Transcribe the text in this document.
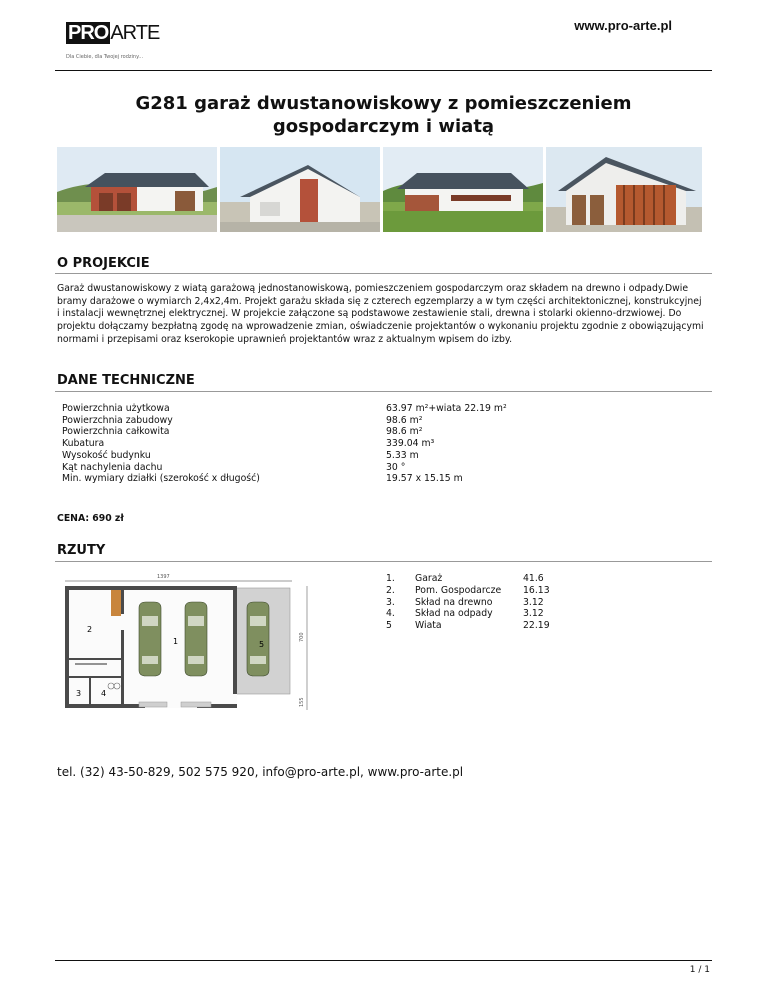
PRO ARTE
Dla Ciebie, dla Twojej rodziny...
www.pro-arte.pl
G281 garaż dwustanowiskowy z pomieszczeniem
gospodarczym i wiatą
O PROJEKCIE
Garaż dwustanowiskowy z wiatą garażową jednostanowiskową, pomieszczeniem gospodarczym oraz składem na drewno i odpady.Dwie bramy darażowe o wymiarch 2,4x2,4m. Projekt garażu składa się z czterech egzemplarzy a w tym części architektonicznej, konstrukcyjnej i instalacji wewnętrznej elektrycznej. W projekcie załączone są podstawowe zestawienie stali, drewna i stolarki okienno-drzwiowej. Do projektu dołączamy bezpłatną zgodę na wprowadzenie zmian, oświadczenie projektantów o wykonaniu projektu zgodnie z obowiązującymi normami i przepisami oraz kserokopie uprawnień projektantów wraz z aktualnym wpisem do izby.
DANE TECHNICZNE
Powierzchnia użytkowa
Powierzchnia zabudowy
Powierzchnia całkowita
Kubatura
Wysokość budynku
Kąt nachylenia dachu
Min. wymiary działki (szerokość x długość)
63.97 m²+wiata 22.19 m²
98.6 m²
98.6 m²
339.04 m³
5.33 m
30 °
19.57 x 15.15 m
CENA: 690 zł
RZUTY
1397
700
155
2
1
3 4
5
1.
2.
3.
4.
5
Garaż
Pom. Gospodarcze
Skład na drewno
Skład na odpady
Wiata
41.6
16.13
3.12
3.12
22.19
tel. (32) 43-50-829, 502 575 920, info@pro-arte.pl, www.pro-arte.pl
1 / 1
